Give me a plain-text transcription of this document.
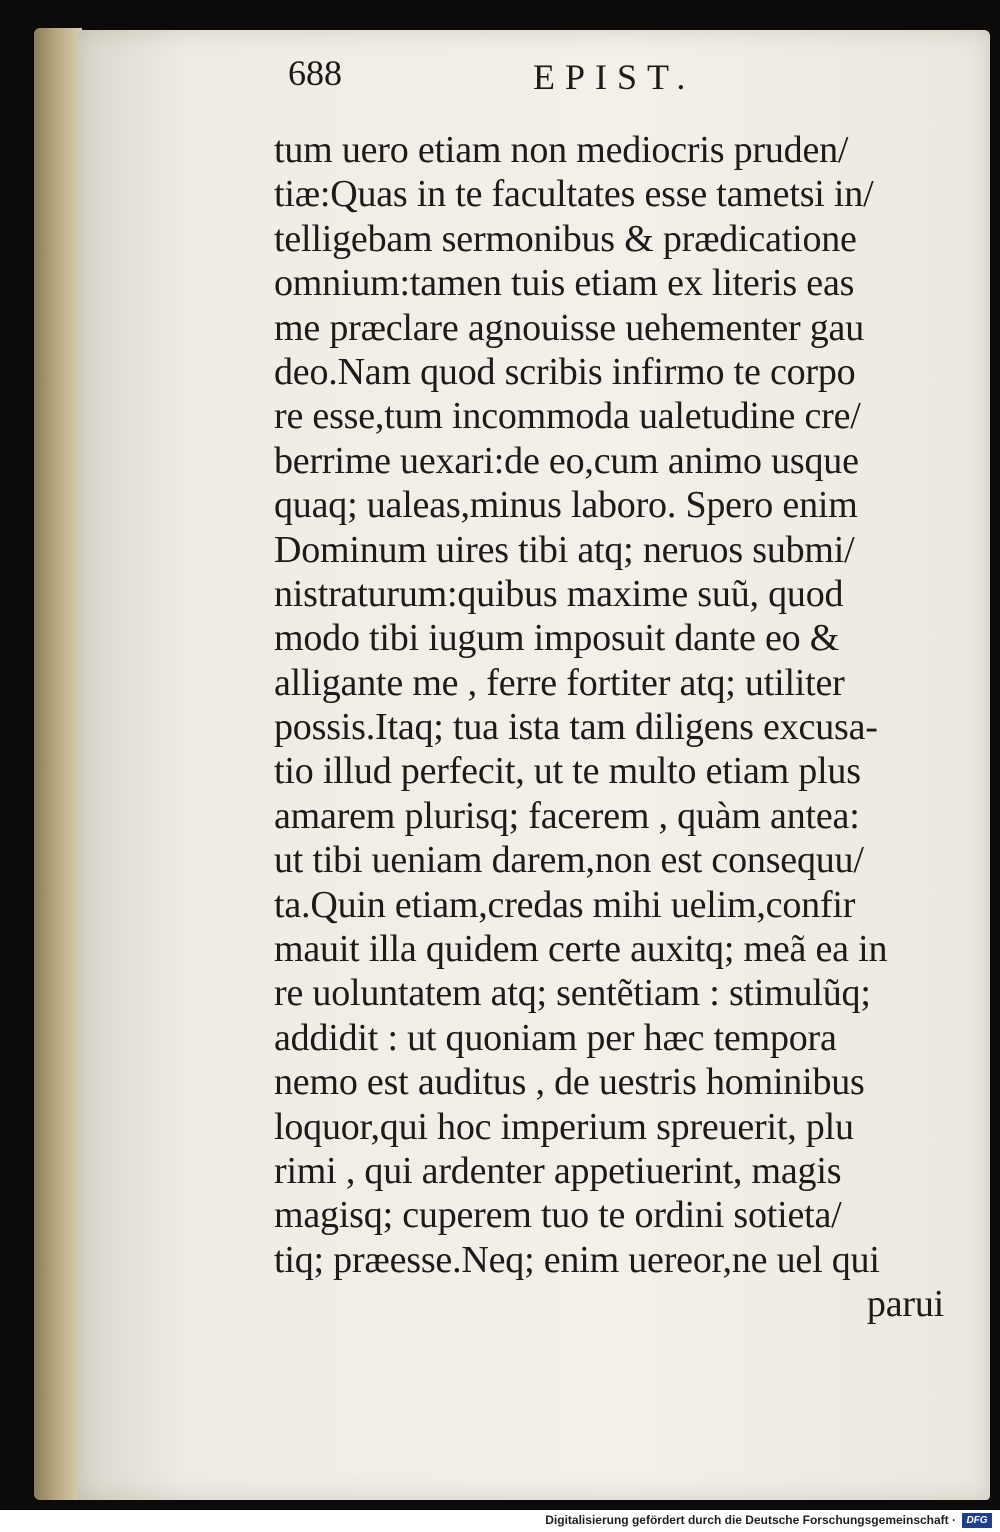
688	EPIST.
tum uero etiam non mediocris pruden/
tiæ:Quas in te facultates esse tametsi in/
telligebam sermonibus & prædicatione
omnium:tamen tuis etiam ex literis eas
me præclare agnouisse uehementer gau
deo.Nam quod scribis infirmo te corpo
re esse,tum incommoda ualetudine cre/
berrime uexari:de eo,cum animo usque
quaq; ualeas,minus laboro. Spero enim
Dominum uires tibi atq; neruos submi/
nistraturum:quibus maxime suũ, quod
modo tibi iugum imposuit dante eo &
alligante me , ferre fortiter atq; utiliter
possis.Itaq; tua ista tam diligens excusa-
tio illud perfecit, ut te multo etiam plus
amarem plurisq; facerem , quàm antea:
ut tibi ueniam darem,non est consequu/
ta.Quin etiam,credas mihi uelim,confir
mauit illa quidem certe auxitq; meã ea in
re uoluntatem atq; sentẽtiam : stimulũq;
addidit : ut quoniam per hæc tempora
nemo est auditus , de uestris hominibus
loquor,qui hoc imperium spreuerit, plu
rimi , qui ardenter appetiuerint, magis
magisq; cuperem tuo te ordini sotieta/
tiq; præesse.Neq; enim uereor,ne uel qui
parui
Digitalisierung gefördert durch die Deutsche Forschungsgemeinschaft ·	DFG
